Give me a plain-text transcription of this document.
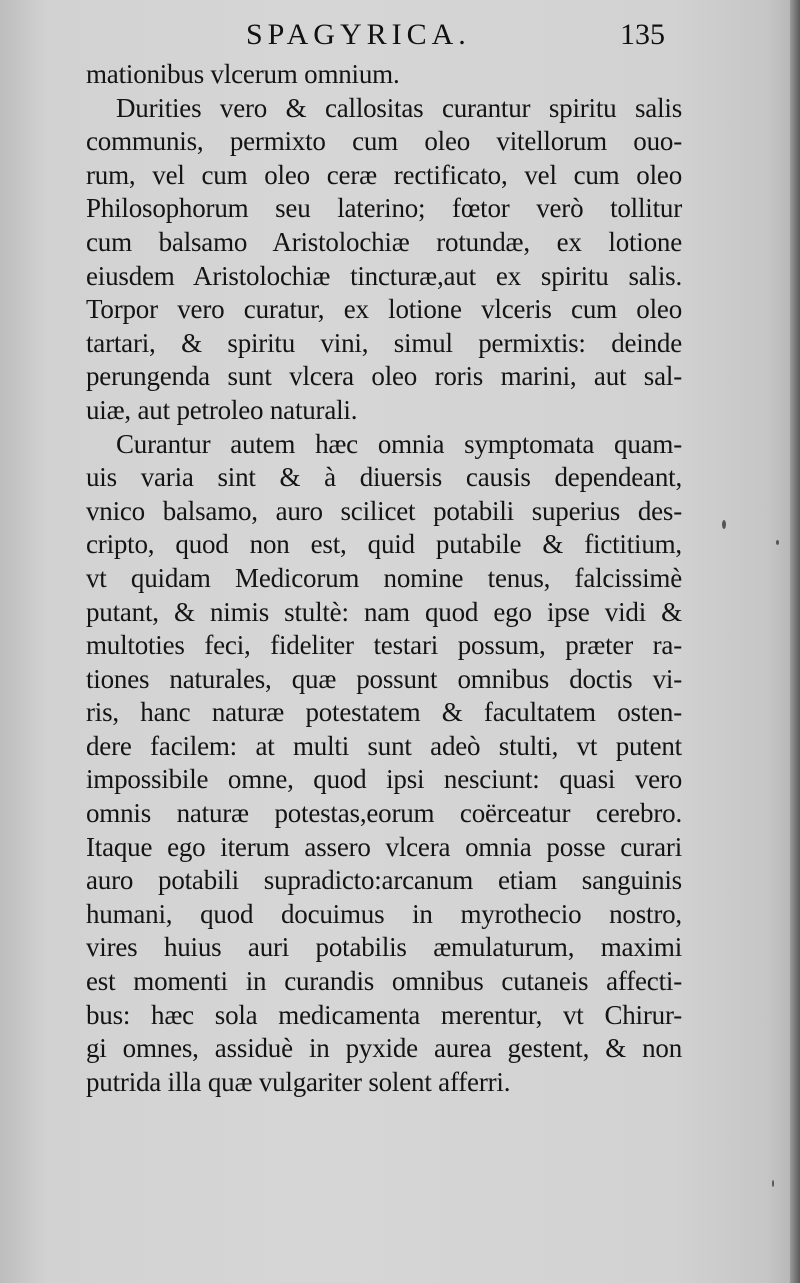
SPAGYRICA.	135
mationibus vlcerum omnium.
Durities vero & callositas curantur spiritu salis
communis, permixto cum oleo vitellorum ouo-
rum, vel cum oleo ceræ rectificato, vel cum oleo
Philosophorum seu laterino; fœtor verò tollitur
cum balsamo Aristolochiæ rotundæ, ex lotione
eiusdem Aristolochiæ tincturæ,aut ex spiritu salis.
Torpor vero curatur, ex lotione vlceris cum oleo
tartari, & spiritu vini, simul permixtis: deinde
perungenda sunt vlcera oleo roris marini, aut sal-
uiæ, aut petroleo naturali.
Curantur autem hæc omnia symptomata quam-
uis varia sint & à diuersis causis dependeant,
vnico balsamo, auro scilicet potabili superius des-
cripto, quod non est, quid putabile & fictitium,
vt quidam Medicorum nomine tenus, falcissimè
putant, & nimis stultè: nam quod ego ipse vidi &
multoties feci, fideliter testari possum, præter ra-
tiones naturales, quæ possunt omnibus doctis vi-
ris, hanc naturæ potestatem & facultatem osten-
dere facilem: at multi sunt adeò stulti, vt putent
impossibile omne, quod ipsi nesciunt: quasi vero
omnis naturæ potestas,eorum coërceatur cerebro.
Itaque ego iterum assero vlcera omnia posse curari
auro potabili supradicto:arcanum etiam sanguinis
humani, quod docuimus in myrothecio nostro,
vires huius auri potabilis æmulaturum, maximi
est momenti in curandis omnibus cutaneis affecti-
bus: hæc sola medicamenta merentur, vt Chirur-
gi omnes, assiduè in pyxide aurea gestent, & non
putrida illa quæ vulgariter solent afferri.
